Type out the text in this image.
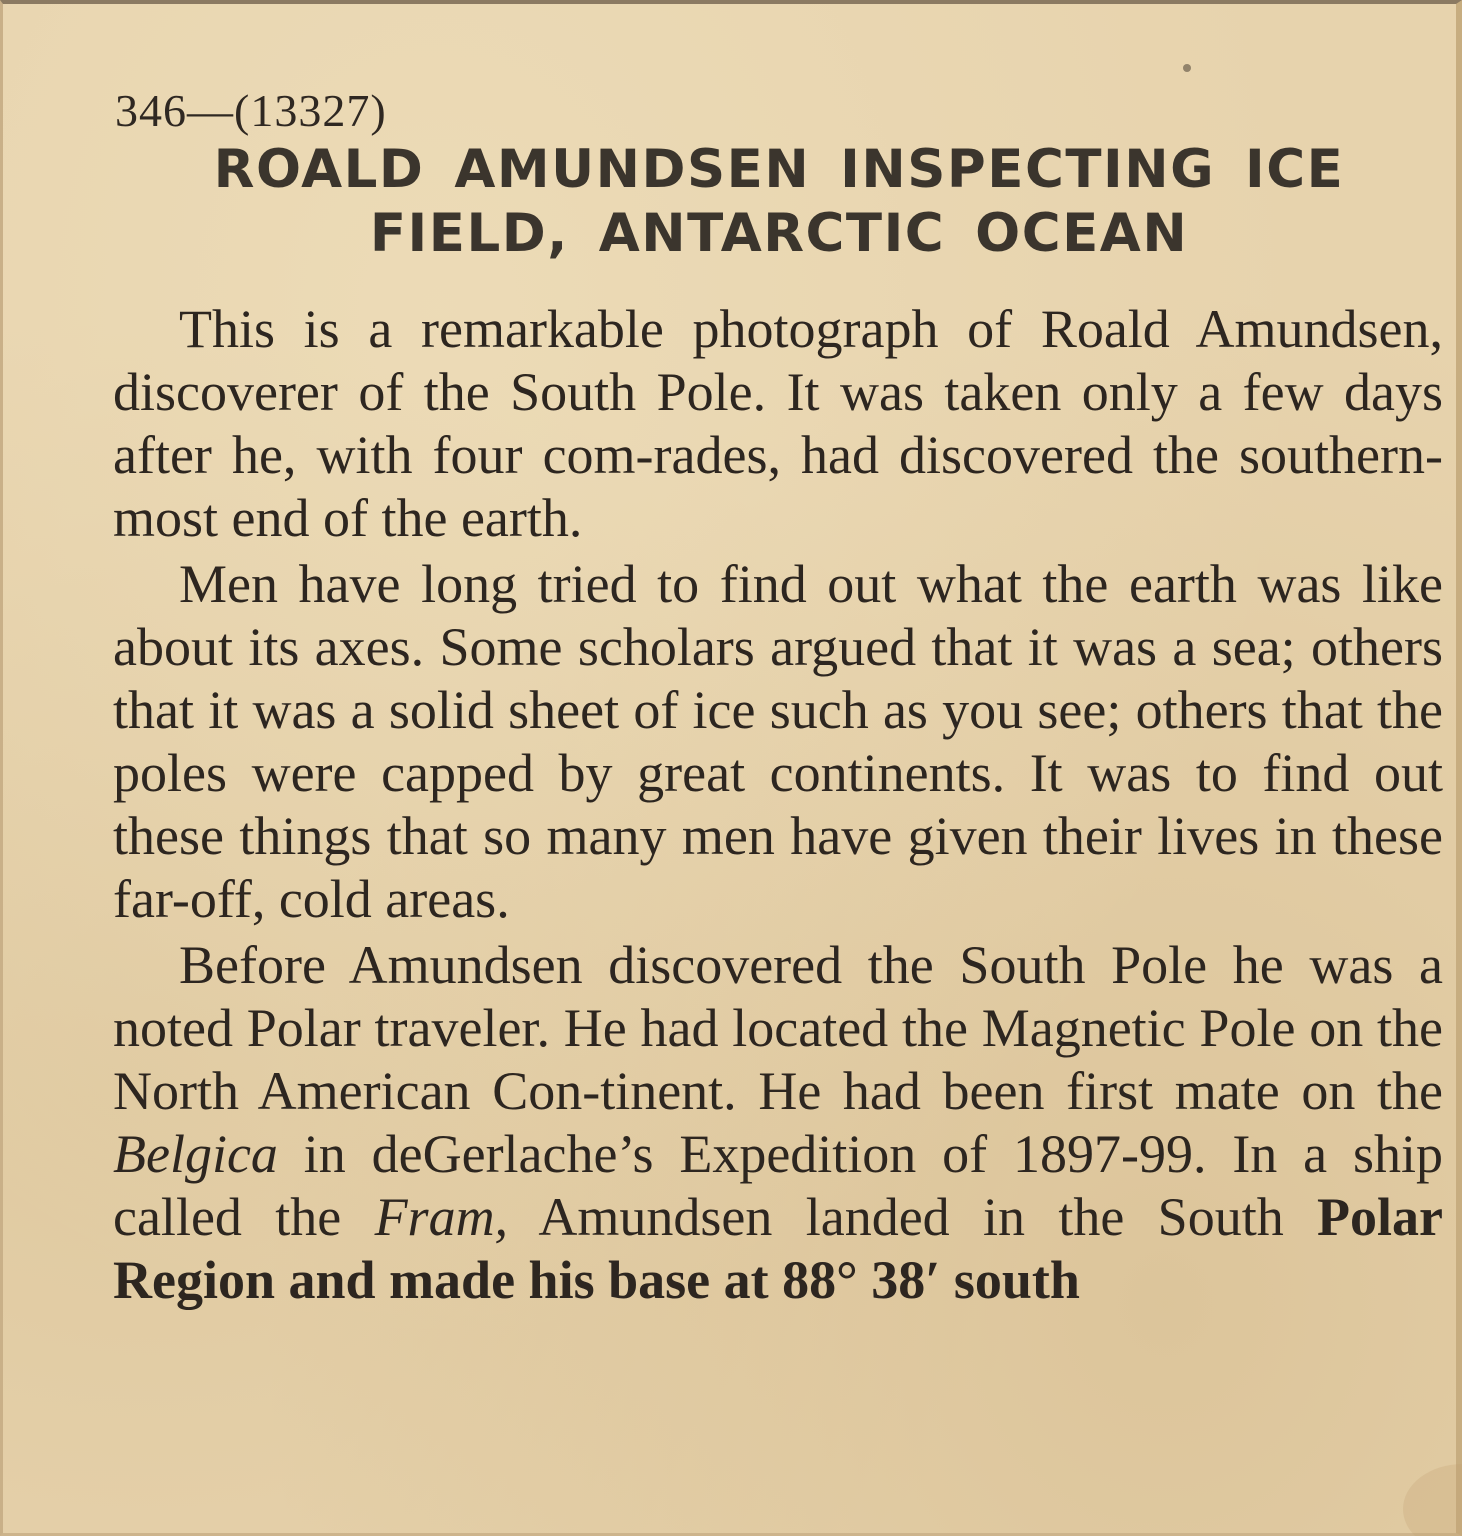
346—(13327)
ROALD AMUNDSEN INSPECTING ICE
FIELD, ANTARCTIC OCEAN

This is a remarkable photograph of Roald Amundsen, discoverer of the South Pole. It was taken only a few days after he, with four com-rades, had discovered the southern-most end of the earth.

Men have long tried to find out what the earth was like about its axes. Some scholars argued that it was a sea; others that it was a solid sheet of ice such as you see; others that the poles were capped by great continents. It was to find out these things that so many men have given their lives in these far-off, cold areas.

Before Amundsen discovered the South Pole he was a noted Polar traveler. He had located the Magnetic Pole on the North American Con-tinent. He had been first mate on the Belgica in deGerlache’s Expedition of 1897-99. In a ship called the Fram, Amundsen landed in the South Polar Region and made his base at 88° 38′ south
